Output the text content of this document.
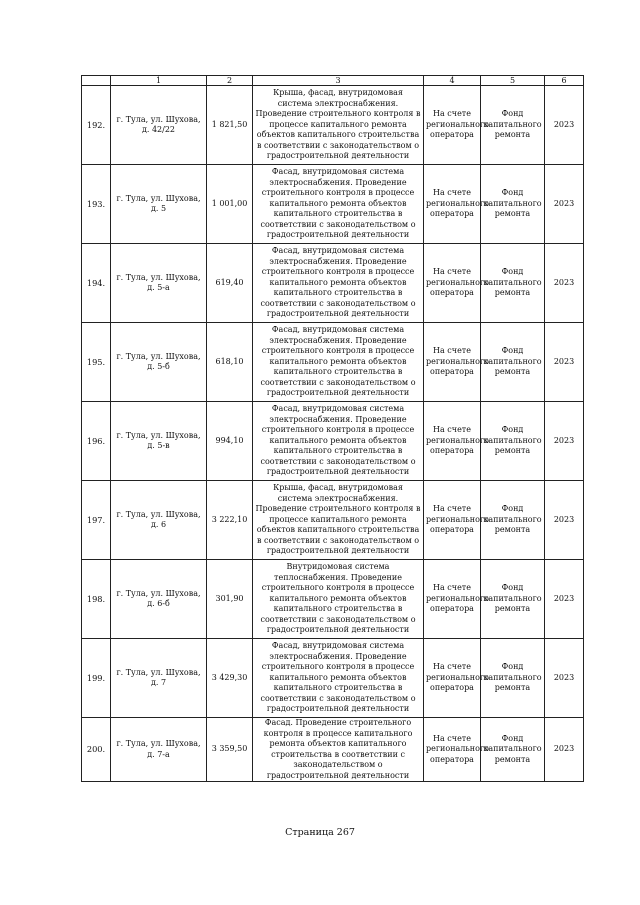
	1	2	3	4	5	6
192.	г. Тула, ул. Шухова, д. 42/22	1 821,50	Крыша, фасад, внутридомовая система электроснабжения. Проведение строительного контроля в процессе капитального ремонта объектов капитального строительства в соответствии с законодательством о градостроительной деятельности	На счете регионального оператора	Фонд капитального ремонта	2023
193.	г. Тула, ул. Шухова, д. 5	1 001,00	Фасад, внутридомовая система электроснабжения. Проведение строительного контроля в процессе капитального ремонта объектов капитального строительства в соответствии с законодательством о градостроительной деятельности	На счете регионального оператора	Фонд капитального ремонта	2023
194.	г. Тула, ул. Шухова, д. 5-а	619,40	Фасад, внутридомовая система электроснабжения. Проведение строительного контроля в процессе капитального ремонта объектов капитального строительства в соответствии с законодательством о градостроительной деятельности	На счете регионального оператора	Фонд капитального ремонта	2023
195.	г. Тула, ул. Шухова, д. 5-б	618,10	Фасад, внутридомовая система электроснабжения. Проведение строительного контроля в процессе капитального ремонта объектов капитального строительства в соответствии с законодательством о градостроительной деятельности	На счете регионального оператора	Фонд капитального ремонта	2023
196.	г. Тула, ул. Шухова, д. 5-в	994,10	Фасад, внутридомовая система электроснабжения. Проведение строительного контроля в процессе капитального ремонта объектов капитального строительства в соответствии с законодательством о градостроительной деятельности	На счете регионального оператора	Фонд капитального ремонта	2023
197.	г. Тула, ул. Шухова, д. 6	3 222,10	Крыша, фасад, внутридомовая система электроснабжения. Проведение строительного контроля в процессе капитального ремонта объектов капитального строительства в соответствии с законодательством о градостроительной деятельности	На счете регионального оператора	Фонд капитального ремонта	2023
198.	г. Тула, ул. Шухова, д. 6-б	301,90	Внутридомовая система теплоснабжения. Проведение строительного контроля в процессе капитального ремонта объектов капитального строительства в соответствии с законодательством о градостроительной деятельности	На счете регионального оператора	Фонд капитального ремонта	2023
199.	г. Тула, ул. Шухова, д. 7	3 429,30	Фасад, внутридомовая система электроснабжения. Проведение строительного контроля в процессе капитального ремонта объектов капитального строительства в соответствии с законодательством о градостроительной деятельности	На счете регионального оператора	Фонд капитального ремонта	2023
200.	г. Тула, ул. Шухова, д. 7-а	3 359,50	Фасад. Проведение строительного контроля в процессе капитального ремонта объектов капитального строительства в соответствии с законодательством о градостроительной деятельности	На счете регионального оператора	Фонд капитального ремонта	2023
Страница 267
